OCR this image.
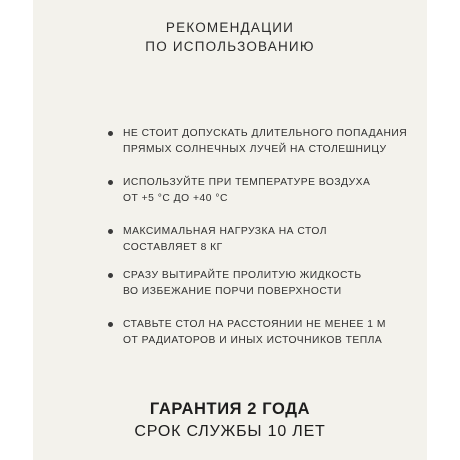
РЕКОМЕНДАЦИИ
ПО ИСПОЛЬЗОВАНИЮ
НЕ СТОИТ ДОПУСКАТЬ ДЛИТЕЛЬНОГО ПОПАДАНИЯ
ПРЯМЫХ СОЛНЕЧНЫХ ЛУЧЕЙ НА СТОЛЕШНИЦУ
ИСПОЛЬЗУЙТЕ ПРИ ТЕМПЕРАТУРЕ ВОЗДУХА
ОТ +5 °С ДО +40 °С
МАКСИМАЛЬНАЯ НАГРУЗКА НА СТОЛ
СОСТАВЛЯЕТ 8 КГ
СРАЗУ ВЫТИРАЙТЕ ПРОЛИТУЮ ЖИДКОСТЬ
ВО ИЗБЕЖАНИЕ ПОРЧИ ПОВЕРХНОСТИ
СТАВЬТЕ СТОЛ НА РАССТОЯНИИ НЕ МЕНЕЕ 1 М
ОТ РАДИАТОРОВ И ИНЫХ ИСТОЧНИКОВ ТЕПЛА
ГАРАНТИЯ 2 ГОДА
СРОК СЛУЖБЫ 10 ЛЕТ
